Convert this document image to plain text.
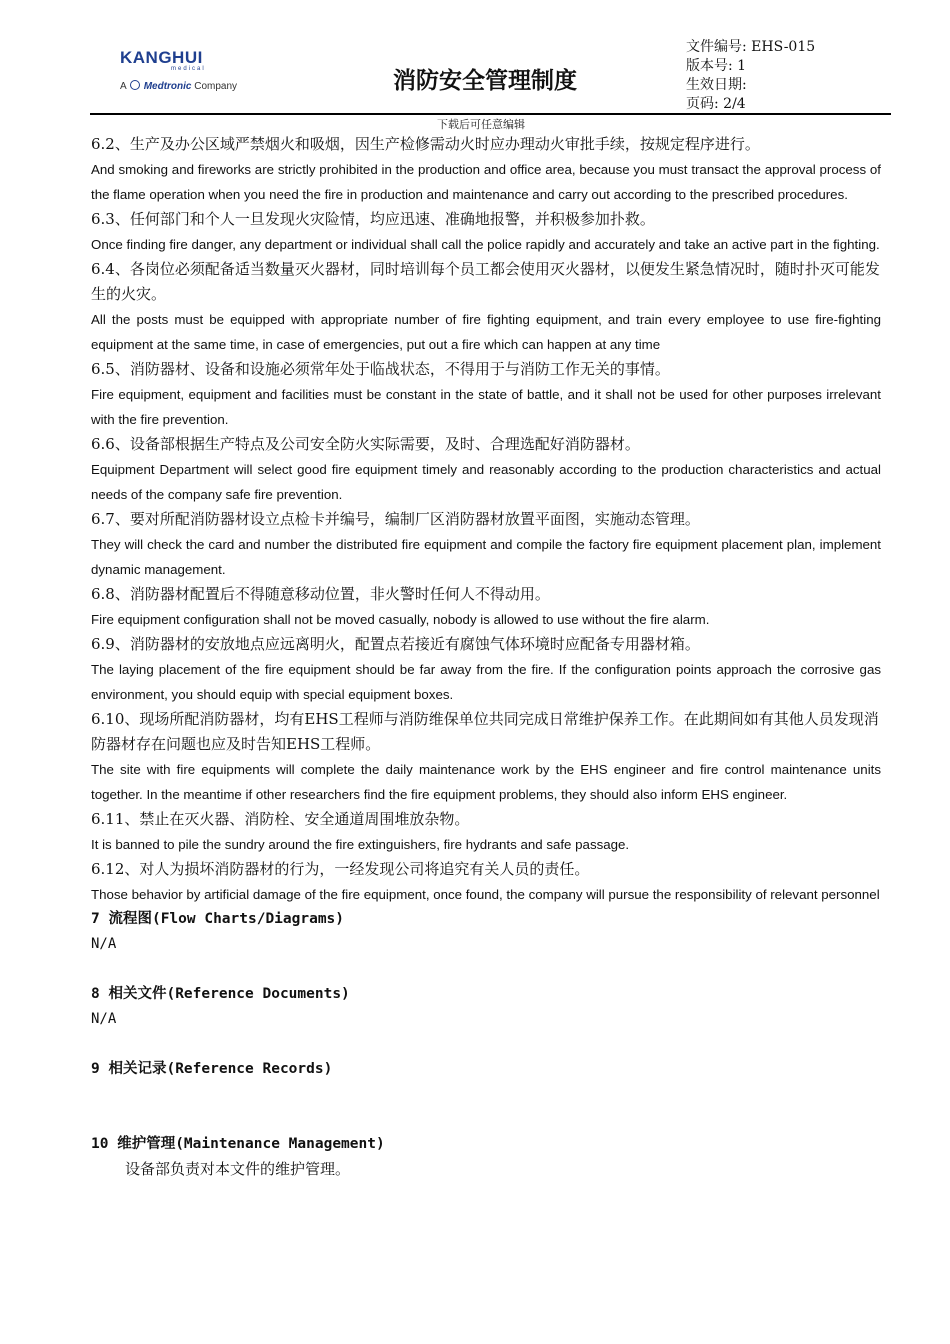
KANGHUI
medical
A Medtronic Company	消防安全管理制度
文件编号: EHS-015
版本号: 1
生效日期:
页码: 2/4
下载后可任意编辑

6.2、生产及办公区域严禁烟火和吸烟，因生产检修需动火时应办理动火审批手续，按规定程序进行。

And smoking and fireworks are strictly prohibited in the production and office area, because you must transact the approval process of the flame operation when you need the fire in production and maintenance and carry out according to the prescribed procedures.

6.3、任何部门和个人一旦发现火灾险情，均应迅速、准确地报警，并积极参加扑救。

Once finding fire danger, any department or individual shall call the police rapidly and accurately and take an active part in the fighting.

6.4、各岗位必须配备适当数量灭火器材，同时培训每个员工都会使用灭火器材，以便发生紧急情况时，随时扑灭可能发生的火灾。

All the posts must be equipped with appropriate number of fire fighting equipment, and train every employee to use fire-fighting equipment at the same time, in case of emergencies, put out a fire which can happen at any time

6.5、消防器材、设备和设施必须常年处于临战状态，不得用于与消防工作无关的事情。

Fire equipment, equipment and facilities must be constant in the state of battle, and it shall not be used for other purposes irrelevant with the fire prevention.

6.6、设备部根据生产特点及公司安全防火实际需要，及时、合理选配好消防器材。

Equipment Department will select good fire equipment timely and reasonably according to the production characteristics and actual needs of the company safe fire prevention.

6.7、要对所配消防器材设立点检卡并编号，编制厂区消防器材放置平面图，实施动态管理。

They will check the card and number the distributed fire equipment and compile the factory fire equipment placement plan, implement dynamic management.

6.8、消防器材配置后不得随意移动位置，非火警时任何人不得动用。

Fire equipment configuration shall not be moved casually, nobody is allowed to use without the fire alarm.

6.9、消防器材的安放地点应远离明火，配置点若接近有腐蚀气体环境时应配备专用器材箱。

The laying placement of the fire equipment should be far away from the fire. If the configuration points approach the corrosive gas environment, you should equip with special equipment boxes.

6.10、现场所配消防器材，均有EHS工程师与消防维保单位共同完成日常维护保养工作。在此期间如有其他人员发现消防器材存在问题也应及时告知EHS工程师。

The site with fire equipments will complete the daily maintenance work by the EHS engineer and fire control maintenance units together. In the meantime if other researchers find the fire equipment problems, they should also inform EHS engineer.

6.11、禁止在灭火器、消防栓、安全通道周围堆放杂物。

It is banned to pile the sundry around the fire extinguishers, fire hydrants and safe passage.

6.12、对人为损坏消防器材的行为，一经发现公司将追究有关人员的责任。

Those behavior by artificial damage of the fire equipment, once found, the company will pursue the responsibility of relevant personnel

7 流程图(Flow Charts/Diagrams)

N/A

8 相关文件(Reference Documents)

N/A

9 相关记录(Reference Records)

10 维护管理(Maintenance Management)

设备部负责对本文件的维护管理。
